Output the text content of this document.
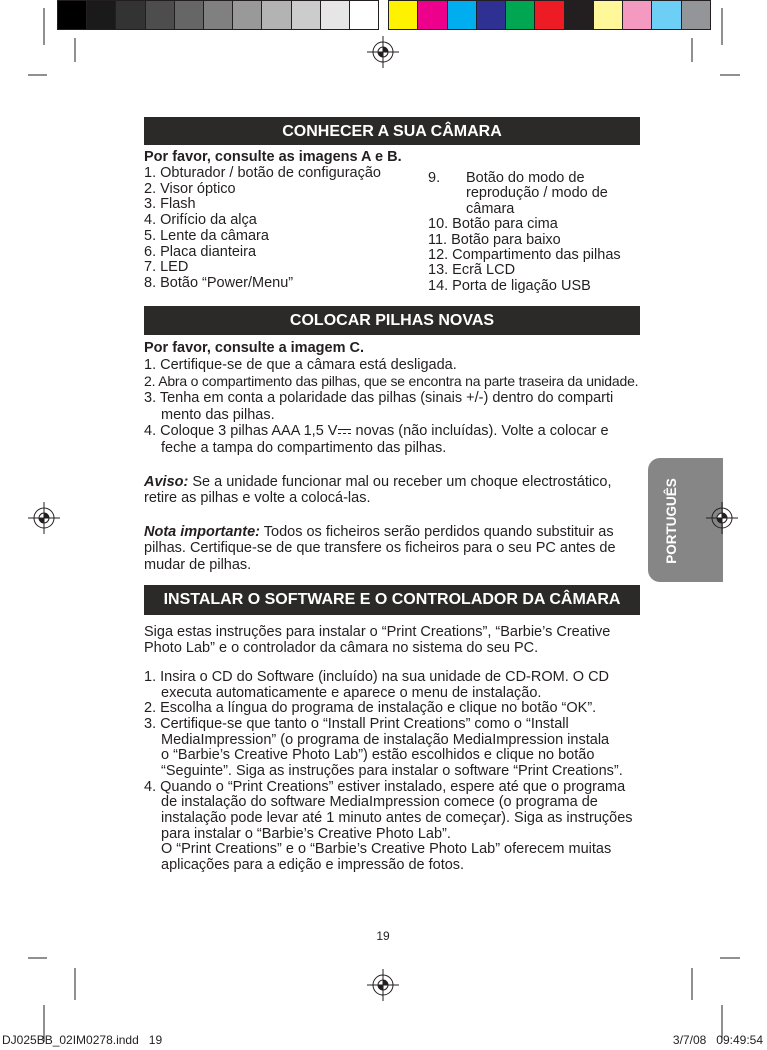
PORTUGUÊS
CONHECER A SUA CÂMARA
Por favor, consulte as imagens A e B.
1. Obturador / botão de configuração
2. Visor óptico
3. Flash
4. Orifício da alça
5. Lente da câmara
6. Placa dianteira
7. LED
8. Botão “Power/Menu”
9. Botão do modo de
reprodução / modo de
câmara
10. Botão para cima
11. Botão para baixo
12. Compartimento das pilhas
13. Ecrã LCD
14. Porta de ligação USB
COLOCAR PILHAS NOVAS
Por favor, consulte a imagem C.
1. Certifique-se de que a câmara está desligada.
2. Abra o compartimento das pilhas, que se encontra na parte traseira da unidade.
3. Tenha em conta a polaridade das pilhas (sinais +/-) dentro do comparti
mento das pilhas.
4. Coloque 3 pilhas AAA 1,5 V novas (não incluídas). Volte a colocar e
feche a tampa do compartimento das pilhas.
Aviso: Se a unidade funcionar mal ou receber um choque electrostático,
retire as pilhas e volte a colocá-las.
Nota importante: Todos os ficheiros serão perdidos quando substituir as
pilhas. Certifique-se de que transfere os ficheiros para o seu PC antes de
mudar de pilhas.
INSTALAR O SOFTWARE E O CONTROLADOR DA CÂMARA
Siga estas instruções para instalar o “Print Creations”, “Barbie’s Creative
Photo Lab” e o controlador da câmara no sistema do seu PC.
1. Insira o CD do Software (incluído) na sua unidade de CD-ROM. O CD
executa automaticamente e aparece o menu de instalação.
2. Escolha a língua do programa de instalação e clique no botão “OK”.
3. Certifique-se que tanto o “Install Print Creations” como o “Install
MediaImpression” (o programa de instalação MediaImpression instala
o “Barbie’s Creative Photo Lab”) estão escolhidos e clique no botão
“Seguinte”. Siga as instruções para instalar o software “Print Creations”.
4. Quando o “Print Creations” estiver instalado, espere até que o programa
de instalação do software MediaImpression comece (o programa de
instalação pode levar até 1 minuto antes de começar). Siga as instruções
para instalar o “Barbie’s Creative Photo Lab”.
O “Print Creations” e o “Barbie’s Creative Photo Lab” oferecem muitas
aplicações para a edição e impressão de fotos.
19
DJ025BB_02IM0278.indd   19	3/7/08   09:49:54
